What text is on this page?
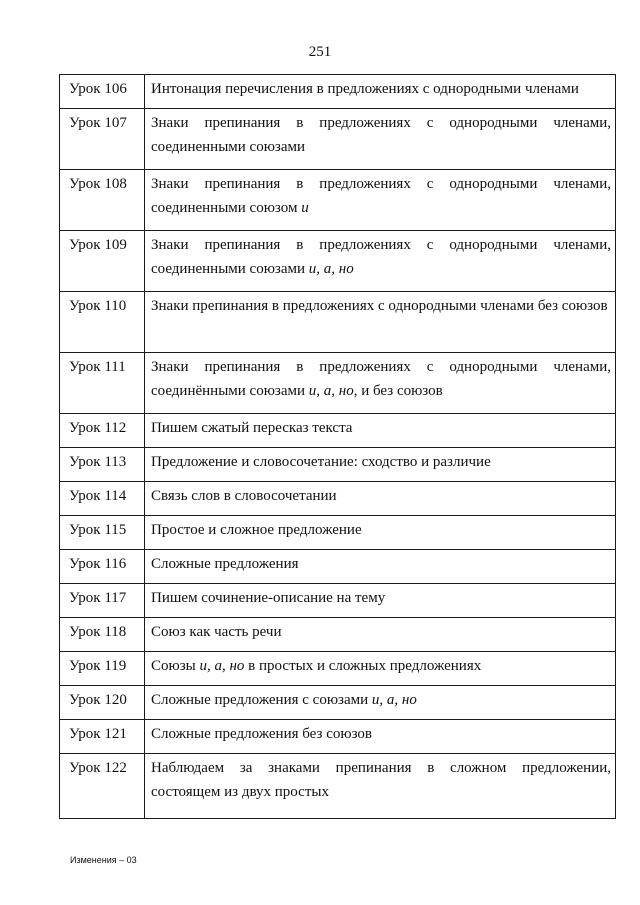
251
Урок 106	Интонация перечисления в предложениях с однородными членами
Урок 107	Знаки препинания в предложениях с однородными членами, соединенными союзами
Урок 108	Знаки препинания в предложениях с однородными членами, соединенными союзом и
Урок 109	Знаки препинания в предложениях с однородными членами, соединенными союзами и, а, но
Урок 110	Знаки препинания в предложениях с однородными членами без союзов
Урок 111	Знаки препинания в предложениях с однородными членами, соединёнными союзами и, а, но, и без союзов
Урок 112	Пишем сжатый пересказ текста
Урок 113	Предложение и словосочетание: сходство и различие
Урок 114	Связь слов в словосочетании
Урок 115	Простое и сложное предложение
Урок 116	Сложные предложения
Урок 117	Пишем сочинение-описание на тему
Урок 118	Союз как часть речи
Урок 119	Союзы и, а, но в простых и сложных предложениях
Урок 120	Сложные предложения с союзами и, а, но
Урок 121	Сложные предложения без союзов
Урок 122	Наблюдаем за знаками препинания в сложном предложении, состоящем из двух простых
Изменения – 03
